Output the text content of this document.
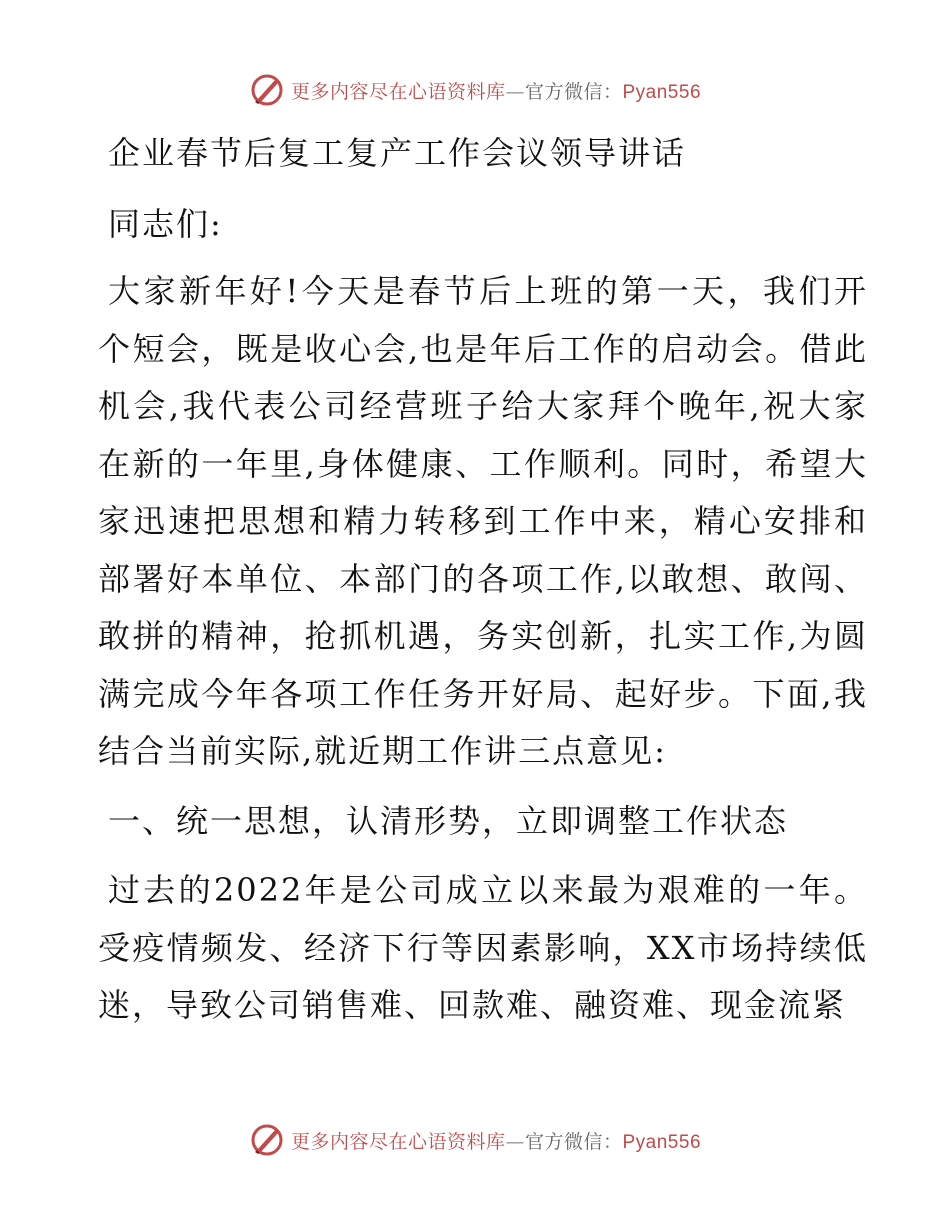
更多内容尽在心语资料库—官方微信：Pyan556

企业春节后复工复产工作会议领导讲话

同志们:

大家新年好!今天是春节后上班的第一天，我们开个短会，既是收心会,也是年后工作的启动会。借此机会,我代表公司经营班子给大家拜个晚年,祝大家在新的一年里,身体健康、工作顺利。同时，希望大家迅速把思想和精力转移到工作中来，精心安排和部署好本单位、本部门的各项工作,以敢想、敢闯、敢拼的精神，抢抓机遇，务实创新，扎实工作,为圆满完成今年各项工作任务开好局、起好步。下面,我结合当前实际,就近期工作讲三点意见:

一、统一思想，认清形势，立即调整工作状态

过去的2022年是公司成立以来最为艰难的一年。受疫情频发、经济下行等因素影响，XX市场持续低迷，导致公司销售难、回款难、融资难、现金流紧

更多内容尽在心语资料库—官方微信：Pyan556
